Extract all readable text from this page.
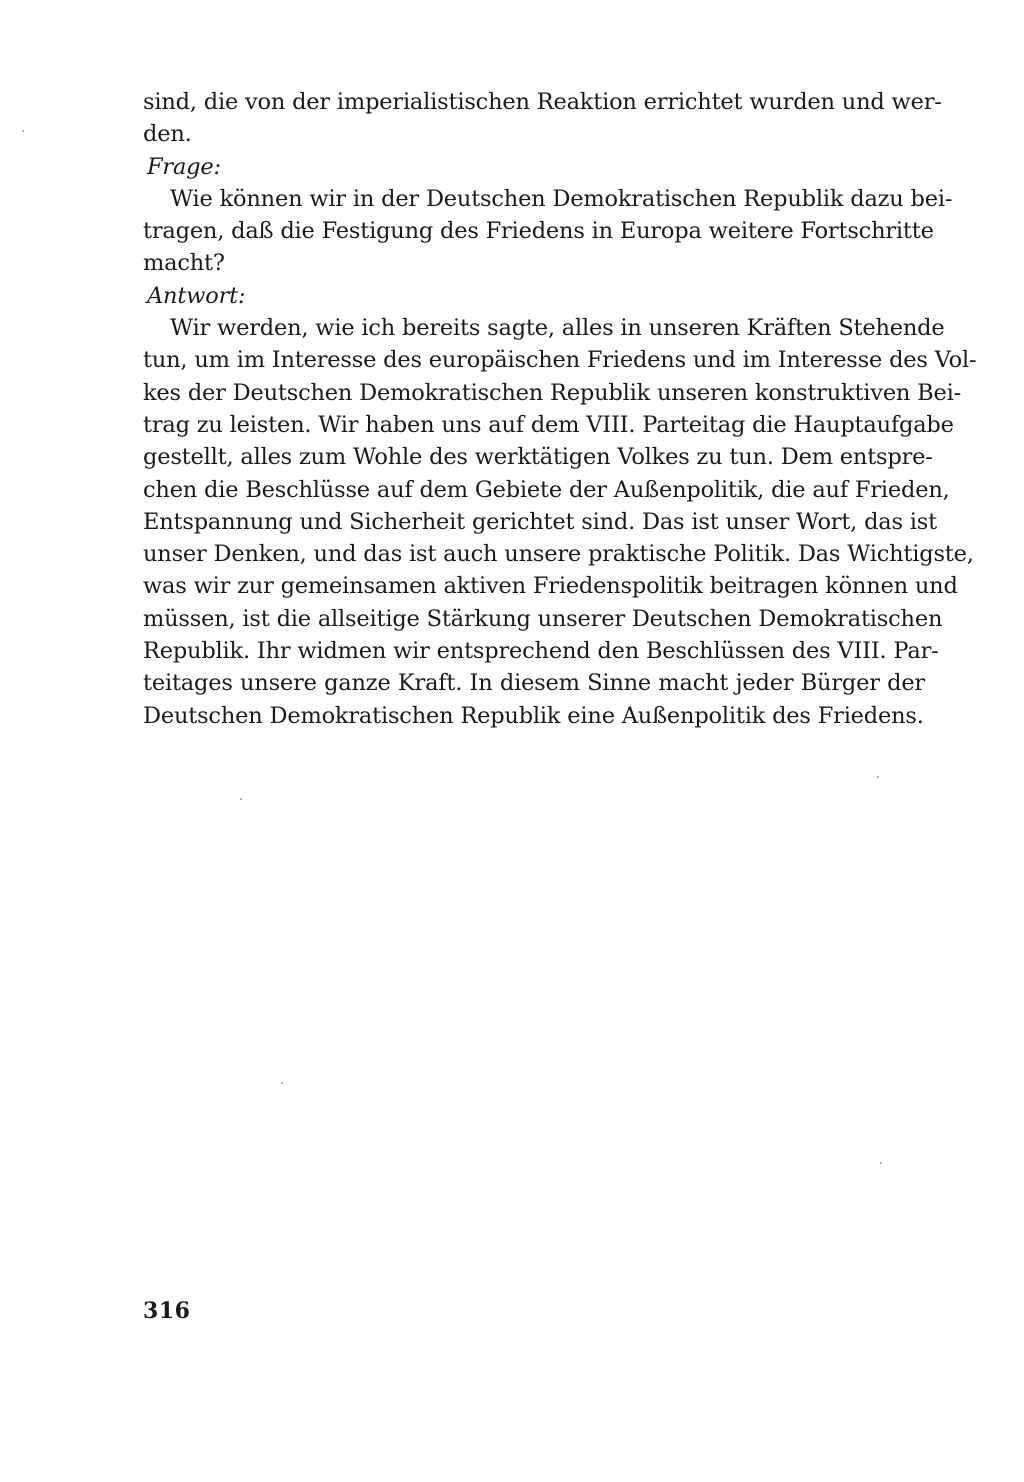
sind, die von der imperialistischen Reaktion errichtet wurden und wer-
den.
Frage:
Wie können wir in der Deutschen Demokratischen Republik dazu bei-
tragen, daß die Festigung des Friedens in Europa weitere Fortschritte
macht?
Antwort:
Wir werden, wie ich bereits sagte, alles in unseren Kräften Stehende
tun, um im Interesse des europäischen Friedens und im Interesse des Vol-
kes der Deutschen Demokratischen Republik unseren konstruktiven Bei-
trag zu leisten. Wir haben uns auf dem VIII. Parteitag die Hauptaufgabe
gestellt, alles zum Wohle des werktätigen Volkes zu tun. Dem entspre-
chen die Beschlüsse auf dem Gebiete der Außenpolitik, die auf Frieden,
Entspannung und Sicherheit gerichtet sind. Das ist unser Wort, das ist
unser Denken, und das ist auch unsere praktische Politik. Das Wichtigste,
was wir zur gemeinsamen aktiven Friedenspolitik beitragen können und
müssen, ist die allseitige Stärkung unserer Deutschen Demokratischen
Republik. Ihr widmen wir entsprechend den Beschlüssen des VIII. Par-
teitages unsere ganze Kraft. In diesem Sinne macht jeder Bürger der
Deutschen Demokratischen Republik eine Außenpolitik des Friedens.
316
